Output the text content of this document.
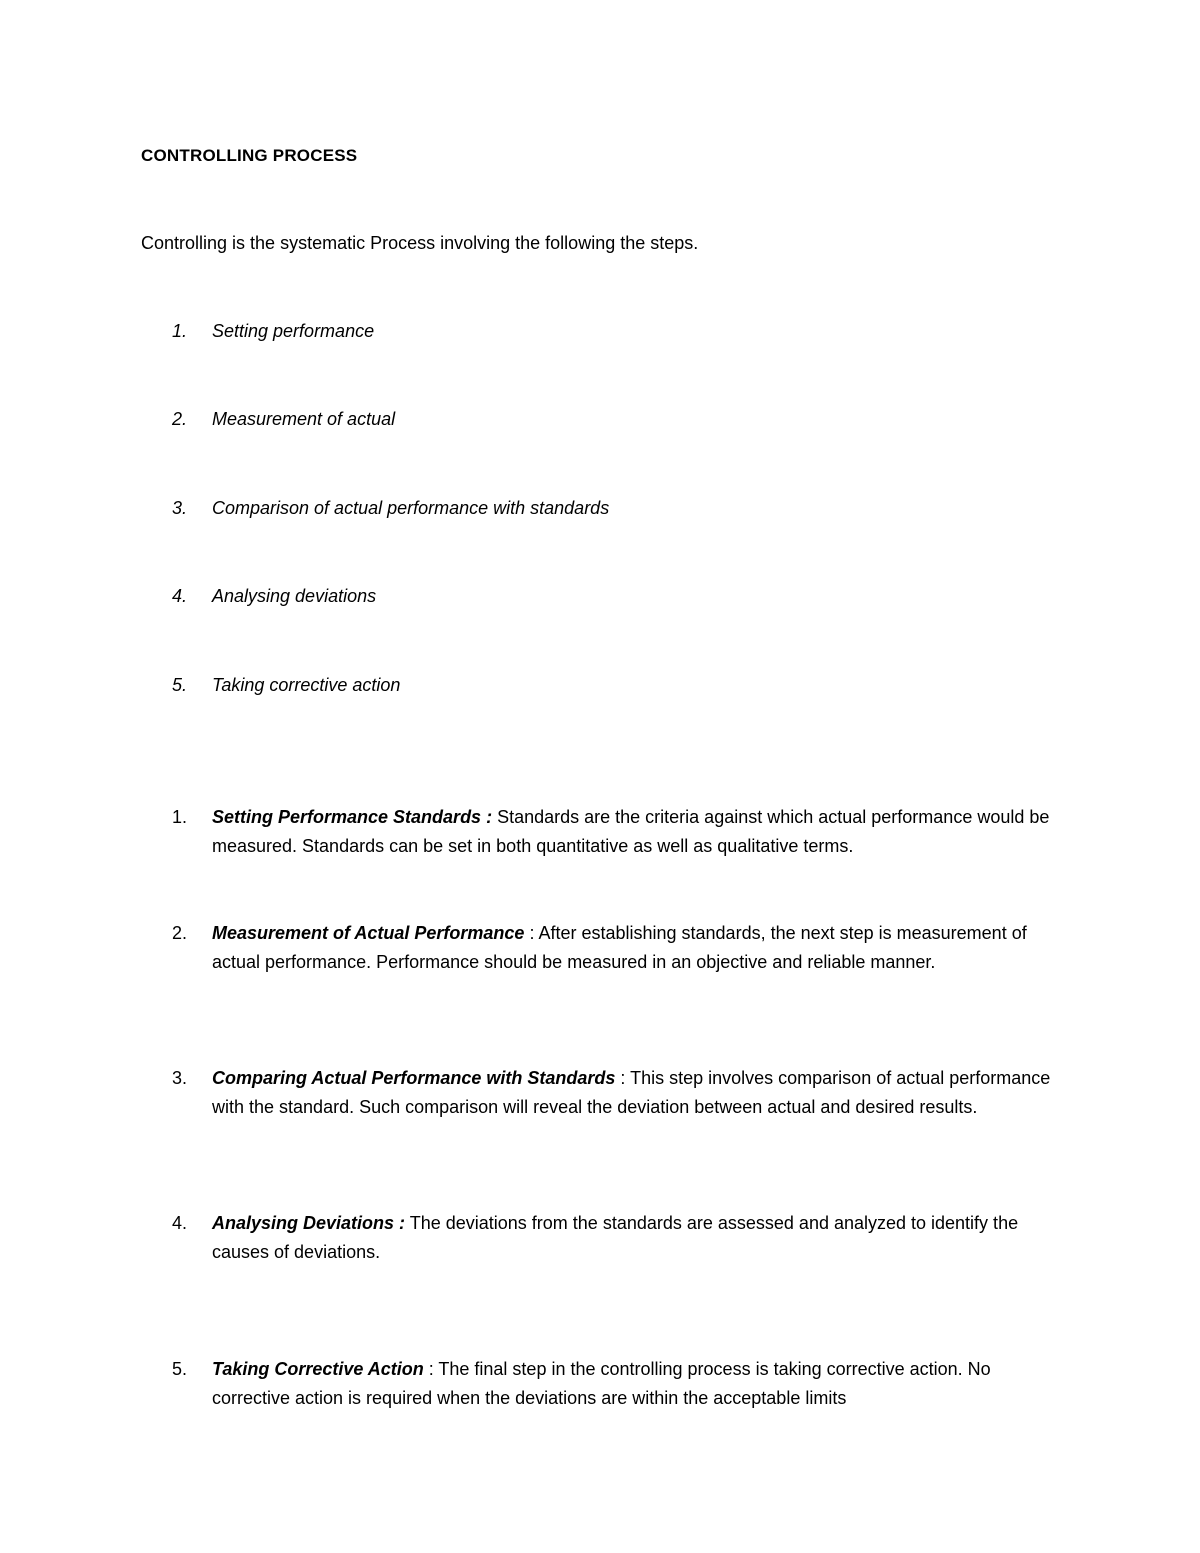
CONTROLLING PROCESS
Controlling is the systematic Process involving the following the steps.
1. Setting performance
2. Measurement of actual
3. Comparison of actual performance with standards
4. Analysing deviations
5. Taking corrective action
1.	Setting Performance Standards : Standards are the criteria against which actual performance would be measured. Standards can be set in both quantitative as well as qualitative terms.
2.	Measurement of Actual Performance : After establishing standards, the next step is measurement of actual performance. Performance should be measured in an objective and reliable manner.
3.	Comparing Actual Performance with Standards : This step involves comparison of actual performance with the standard. Such comparison will reveal the deviation between actual and desired results.
4.	Analysing Deviations : The deviations from the standards are assessed and analyzed to identify the causes of deviations.
5.	Taking Corrective Action : The final step in the controlling process is taking corrective action. No corrective action is required when the deviations are within the acceptable limits
